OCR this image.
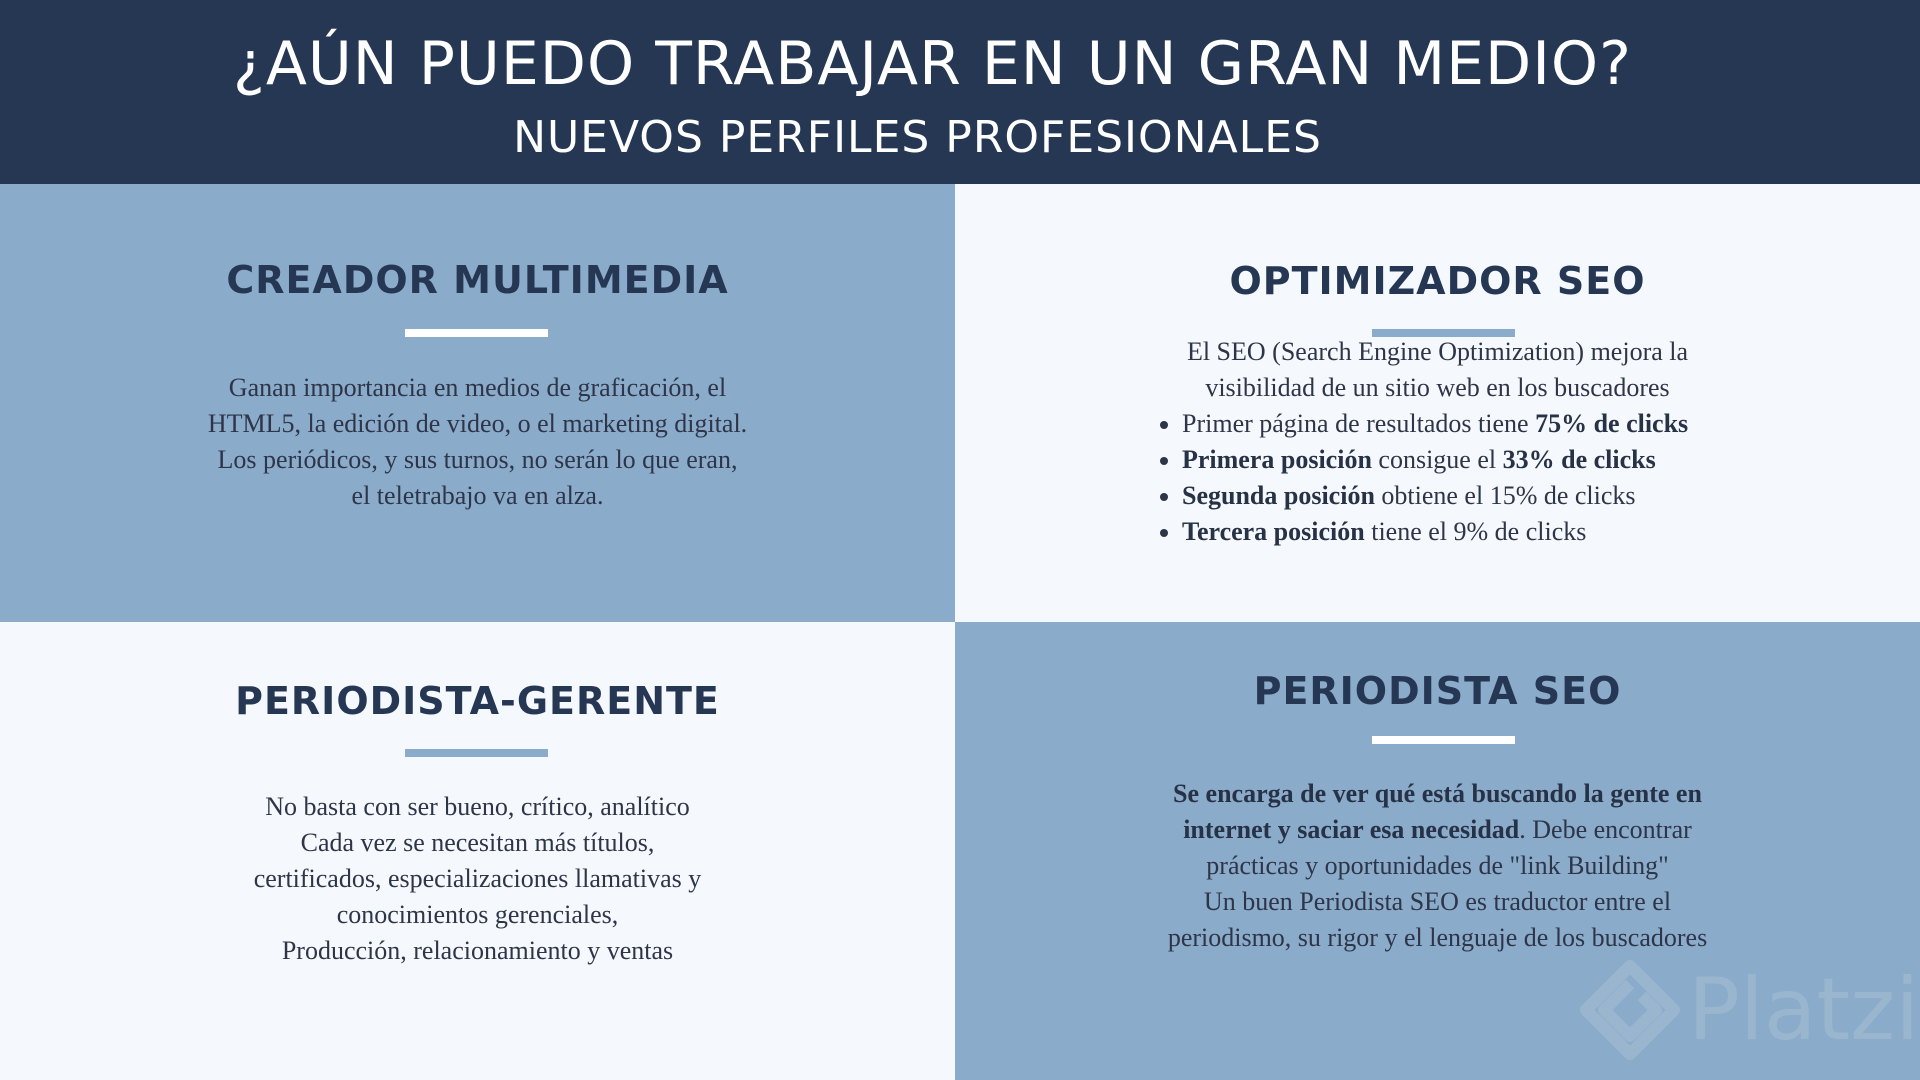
¿AÚN PUEDO TRABAJAR EN UN GRAN MEDIO?
NUEVOS PERFILES PROFESIONALES
CREADOR MULTIMEDIA

Ganan importancia en medios de graficación, el

HTML5, la edición de video, o el marketing digital.

Los periódicos, y sus turnos, no serán lo que eran,

el teletrabajo va en alza.

OPTIMIZADOR SEO

El SEO (Search Engine Optimization) mejora la

visibilidad de un sitio web en los buscadores

• Primer página de resultados tiene 75% de clicks
• Primera posición consigue el 33% de clicks
• Segunda posición obtiene el 15% de clicks
• Tercera posición tiene el 9% de clicks
PERIODISTA-GERENTE

No basta con ser bueno, crítico, analítico

Cada vez se necesitan más títulos,

certificados, especializaciones llamativas y

conocimientos gerenciales,

Producción, relacionamiento y ventas

PERIODISTA SEO

Se encarga de ver qué está buscando la gente en

internet y saciar esa necesidad. Debe encontrar

prácticas y oportunidades de "link Building"

Un buen Periodista SEO es traductor entre el

periodismo, su rigor y el lenguaje de los buscadores

Platzi
